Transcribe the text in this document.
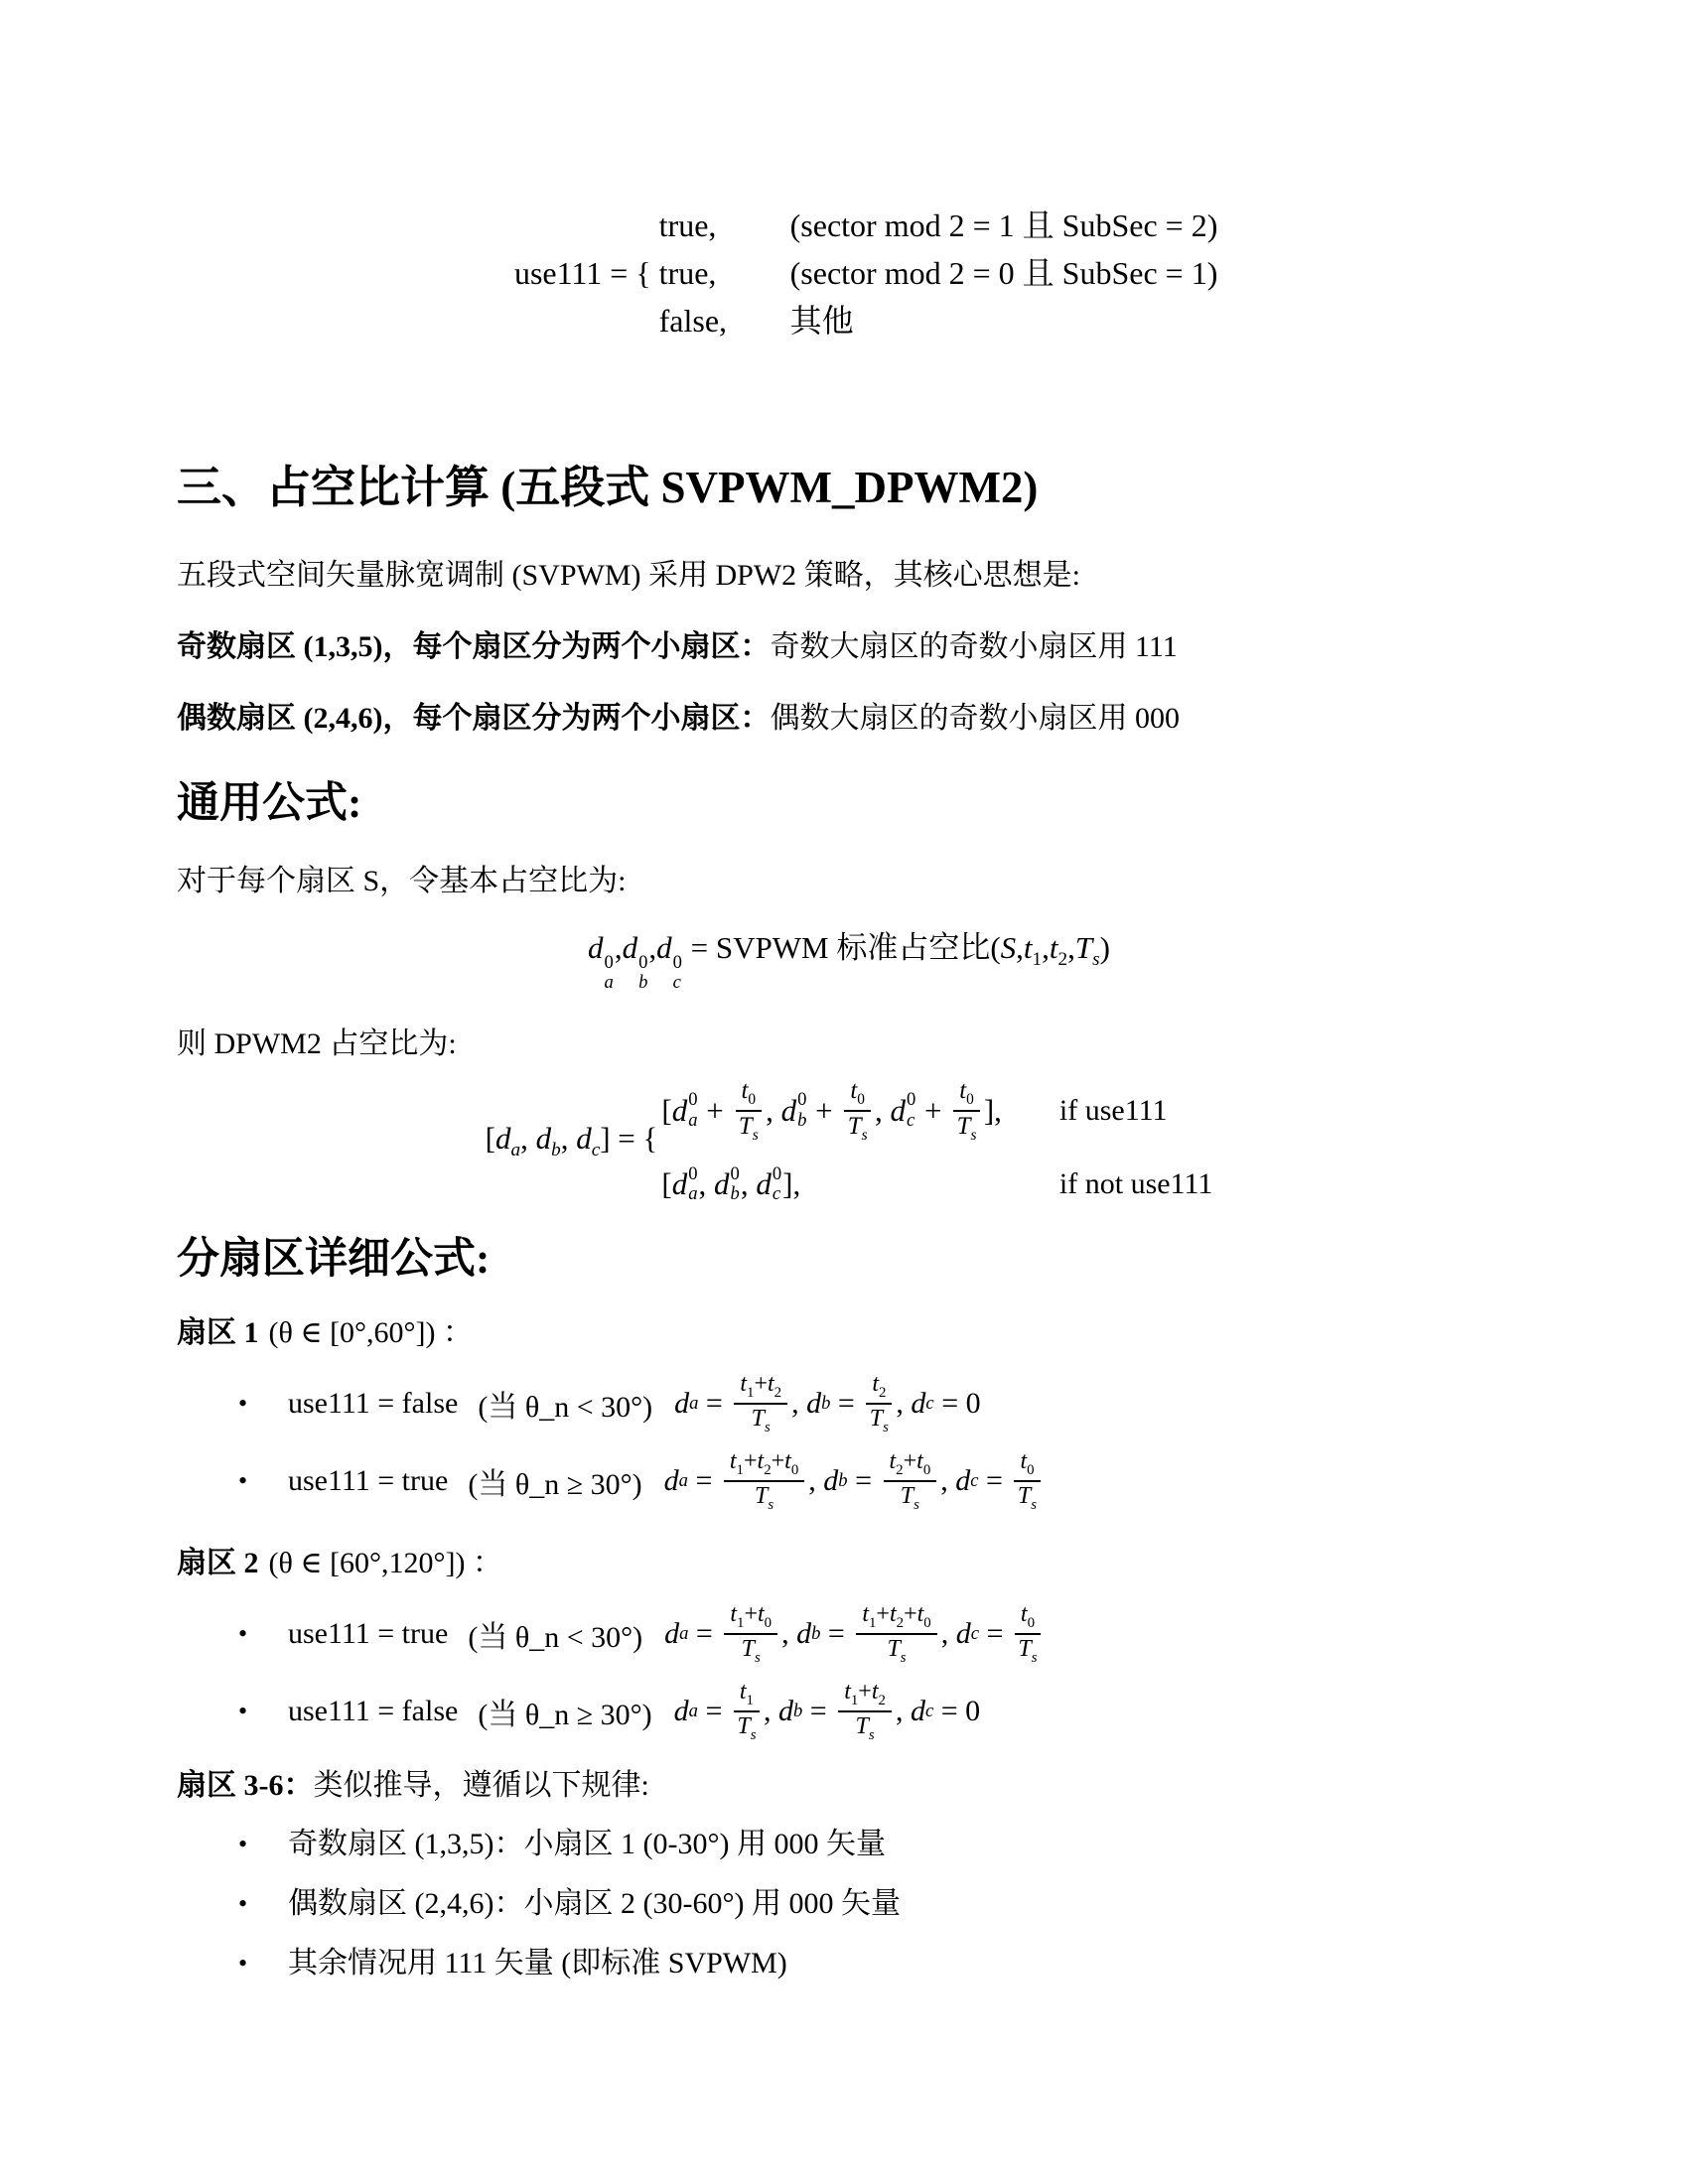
true,	(sector mod 2 = 1 且 SubSec = 2)
use111 = { true,	(sector mod 2 = 0 且 SubSec = 1)
false,	其他
三、占空比计算 (五段式 SVPWM_DPWM2)
五段式空间矢量脉宽调制 (SVPWM) 采用 DPW2 策略，其核心思想是:
奇数扇区 (1,3,5)，每个扇区分为两个小扇区：奇数大扇区的奇数小扇区用 111
偶数扇区 (2,4,6)，每个扇区分为两个小扇区：偶数大扇区的奇数小扇区用 000
通用公式:
对于每个扇区 S，令基本占空比为:
d 0
a
,d 0
b
,d 0
c
= SVPWM 标准占空比$(S,t_1,t_2,T_s)$
则 DPWM2 占空比为:
[$d_a$, $d_b$, $d_c$] = {
[ d 0
$a + \frac{t_0}{T_s}$ , d 0
$b + \frac{t_0}{T_s}$ , d 0
$c + \frac{t_0}{T_s}$ ], if use111
[ d 0
a , d 0
b , d 0
c ],	if not use111
分扇区详细公式:
扇区 1 (θ ∈ [0°,60°]) ：
•	use111 = false (当 θ_n < 30°) d $a = \frac{t_1+t_2}{T_s}$ , d $b = \frac{t_2}{T_s}$ , d c = 0
•	use111 = true (当 θ_n ≥ 30°) d $a = \frac{t_1+t_2+t_0}{T_s}$ , d $b = \frac{t_2+t_0}{T_s}$ , d $c = \frac{t_0}{T_s}$
扇区 2 (θ ∈ [60°,120°]) ：
•	use111 = true (当 θ_n < 30°) d $a = \frac{t_1+t_0}{T_s}$ , d $b = \frac{t_1+t_2+t_0}{T_s}$ , d $c = \frac{t_0}{T_s}$
•	use111 = false (当 θ_n ≥ 30°) d $a = \frac{t_1}{T_s}$ , d $b = \frac{t_1+t_2}{T_s}$ , d c = 0
扇区 3-6：类似推导，遵循以下规律:
•	奇数扇区 (1,3,5)：小扇区 1 (0-30°) 用 000 矢量
•	偶数扇区 (2,4,6)：小扇区 2 (30-60°) 用 000 矢量
•	其余情况用 111 矢量 (即标准 SVPWM)
